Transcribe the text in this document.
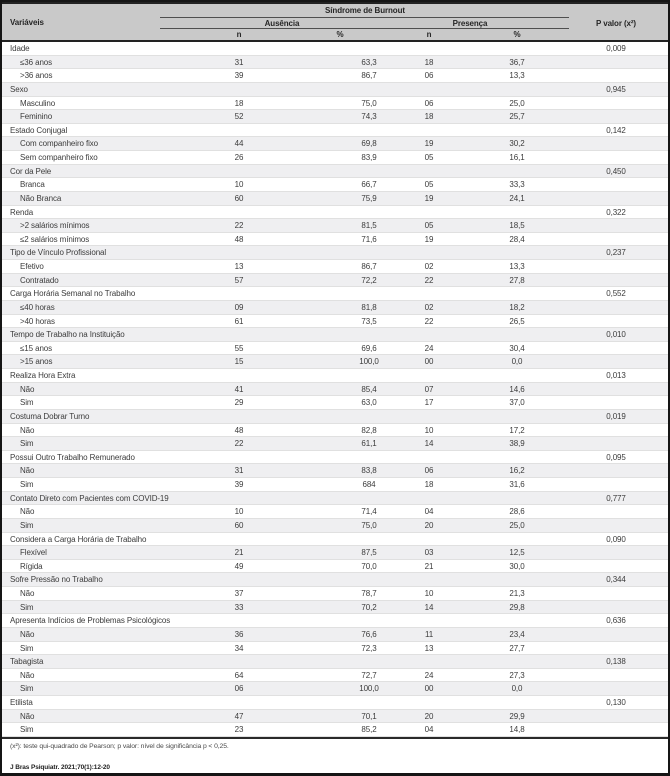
Variáveis
Síndrome de Burnout
Ausência	Presença	P valor (x²)
n	%	n	%
Idade	0,009
≤36 anos	31	63,3	18	36,7
>36 anos	39	86,7	06	13,3
Sexo	0,945
Masculino	18	75,0	06	25,0
Feminino	52	74,3	18	25,7
Estado Conjugal	0,142
Com companheiro fixo	44	69,8	19	30,2
Sem companheiro fixo	26	83,9	05	16,1
Cor da Pele	0,450
Branca	10	66,7	05	33,3
Não Branca	60	75,9	19	24,1
Renda	0,322
>2 salários mínimos	22	81,5	05	18,5
≤2 salários mínimos	48	71,6	19	28,4
Tipo de Vínculo Profissional	0,237
Efetivo	13	86,7	02	13,3
Contratado	57	72,2	22	27,8
Carga Horária Semanal no Trabalho	0,552
≤40 horas	09	81,8	02	18,2
>40 horas	61	73,5	22	26,5
Tempo de Trabalho na Instituição	0,010
≤15 anos	55	69,6	24	30,4
>15 anos	15	100,0	00	0,0
Realiza Hora Extra	0,013
Não	41	85,4	07	14,6
Sim	29	63,0	17	37,0
Costuma Dobrar Turno	0,019
Não	48	82,8	10	17,2
Sim	22	61,1	14	38,9
Possui Outro Trabalho Remunerado	0,095
Não	31	83,8	06	16,2
Sim	39	684	18	31,6
Contato Direto com Pacientes com COVID-19	0,777
Não	10	71,4	04	28,6
Sim	60	75,0	20	25,0
Considera a Carga Horária de Trabalho	0,090
Flexível	21	87,5	03	12,5
Rígida	49	70,0	21	30,0
Sofre Pressão no Trabalho	0,344
Não	37	78,7	10	21,3
Sim	33	70,2	14	29,8
Apresenta Indícios de Problemas Psicológicos	0,636
Não	36	76,6	11	23,4
Sim	34	72,3	13	27,7
Tabagista	0,138
Não	64	72,7	24	27,3
Sim	06	100,0	00	0,0
Etilista	0,130
Não	47	70,1	20	29,9
Sim	23	85,2	04	14,8
(x²): teste qui-quadrado de Pearson; p valor: nível de significância p < 0,25.
J Bras Psiquiatr. 2021;70(1):12-20
